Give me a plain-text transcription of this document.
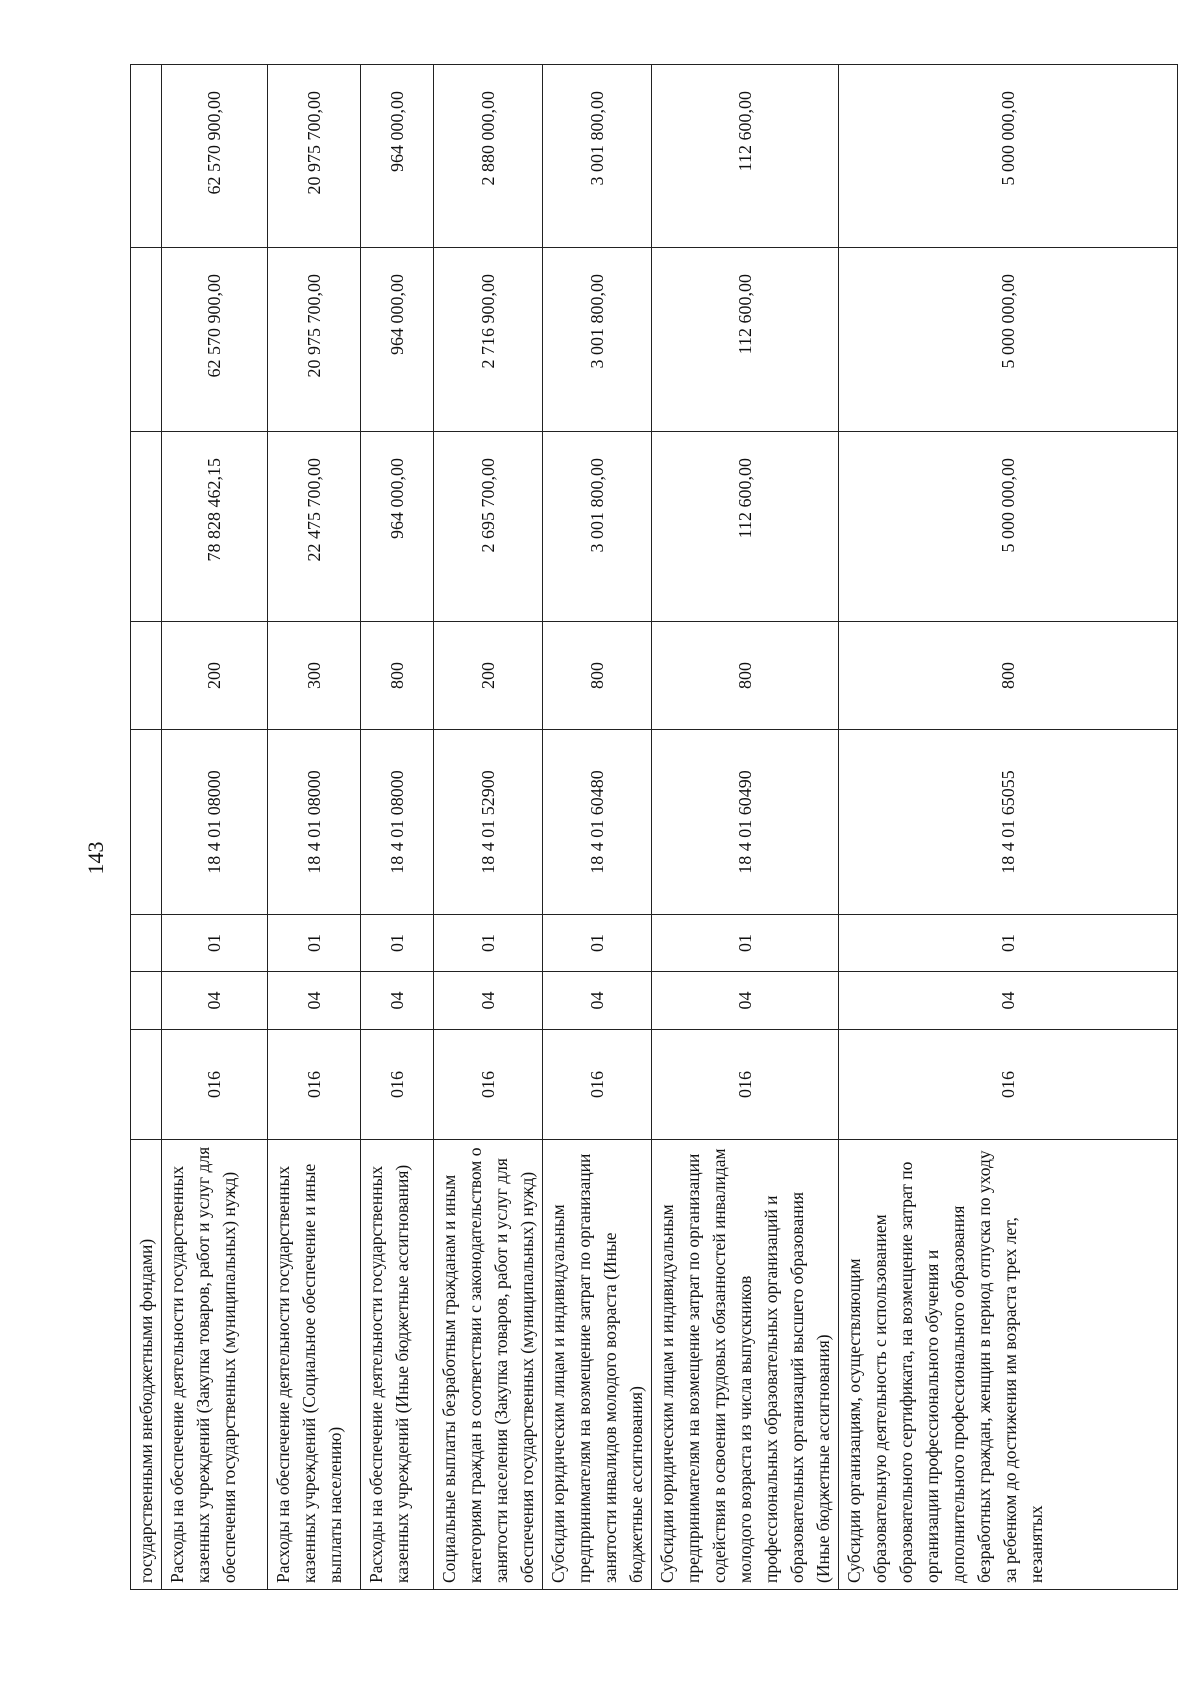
143
государственными внебюджетными фондами)								
Расходы на обеспечение деятельности государственных казенных учреждений (Закупка товаров, работ и услуг для обеспечения государственных (муниципальных) нужд)	016	04	01	18 4 01 08000	200	78 828 462,15	62 570 900,00	62 570 900,00
Расходы на обеспечение деятельности государственных казенных учреждений (Социальное обеспечение и иные выплаты населению)	016	04	01	18 4 01 08000	300	22 475 700,00	20 975 700,00	20 975 700,00
Расходы на обеспечение деятельности государственных казенных учреждений (Иные бюджетные ассигнования)	016	04	01	18 4 01 08000	800	964 000,00	964 000,00	964 000,00
Социальные выплаты безработным гражданам и иным категориям граждан в соответствии с законодательством о занятости населения (Закупка товаров, работ и услуг для обеспечения государственных (муниципальных) нужд)	016	04	01	18 4 01 52900	200	2 695 700,00	2 716 900,00	2 880 000,00
Субсидии юридическим лицам и индивидуальным предпринимателям на возмещение затрат по организации занятости инвалидов молодого возраста (Иные бюджетные ассигнования)	016	04	01	18 4 01 60480	800	3 001 800,00	3 001 800,00	3 001 800,00
Субсидии юридическим лицам и индивидуальным предпринимателям на возмещение затрат по организации содействия в освоении трудовых обязанностей инвалидам молодого возраста из числа выпускников профессиональных образовательных организаций и образовательных организаций высшего образования (Иные бюджетные ассигнования)	016	04	01	18 4 01 60490	800	112 600,00	112 600,00	112 600,00
Субсидии организациям, осуществляющим образовательную деятельность с использованием образовательного сертификата, на возмещение затрат по организации профессионального обучения и дополнительного профессионального образования безработных граждан, женщин в период отпуска по уходу за ребенком до достижения им возраста трех лет, незанятых	016	04	01	18 4 01 65055	800	5 000 000,00	5 000 000,00	5 000 000,00
